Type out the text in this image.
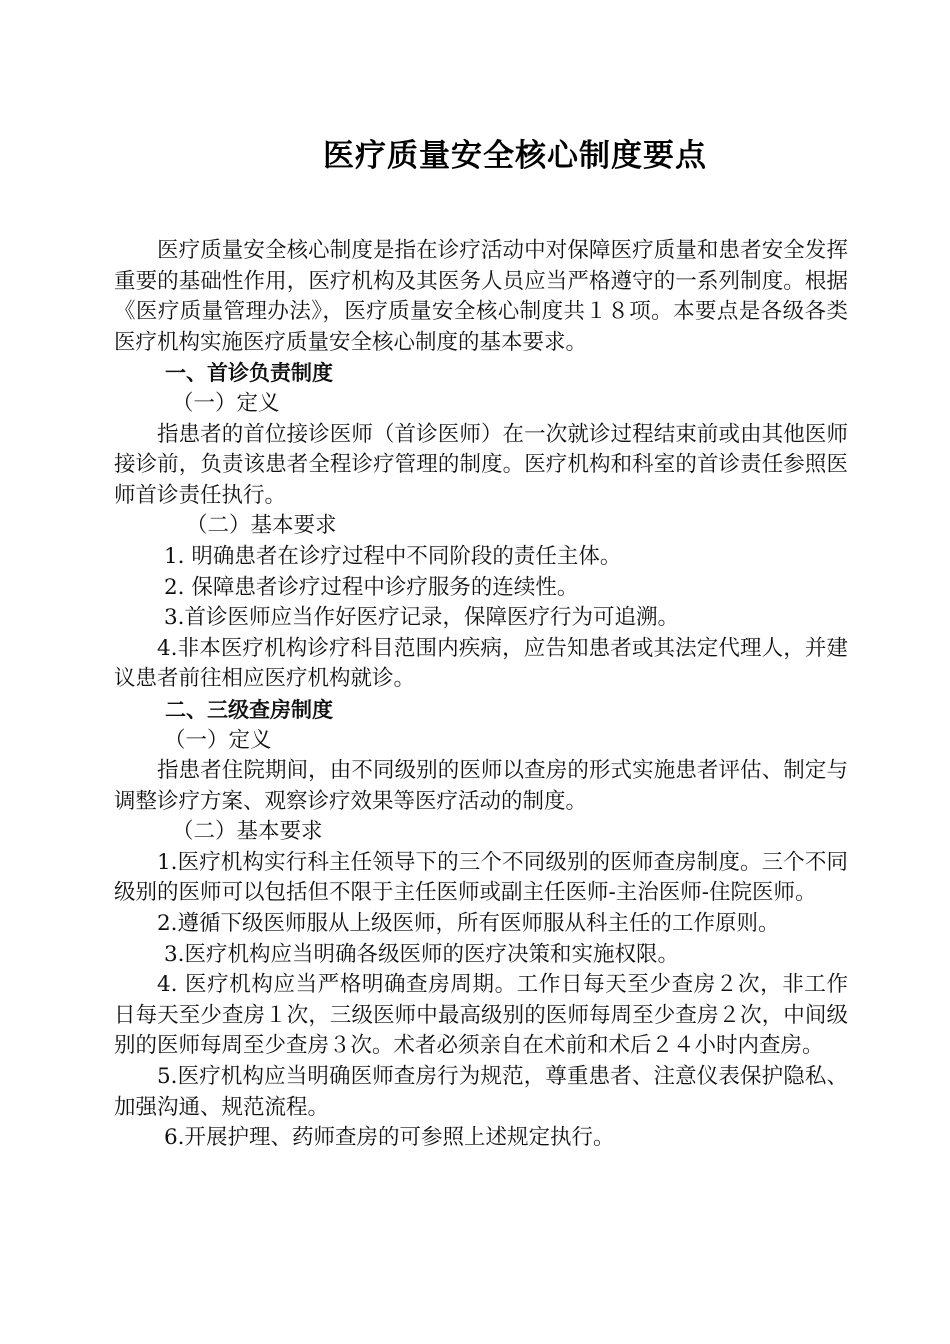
医疗质量安全核心制度要点

医疗质量安全核心制度是指在诊疗活动中对保障医疗质量和患者安全发挥重要的基础性作用，医疗机构及其医务人员应当严格遵守的一系列制度。根据《医疗质量管理办法》，医疗质量安全核心制度共１８项。本要点是各级各类医疗机构实施医疗质量安全核心制度的基本要求。

一、首诊负责制度

（一）定义

指患者的首位接诊医师（首诊医师）在一次就诊过程结束前或由其他医师接诊前，负责该患者全程诊疗管理的制度。医疗机构和科室的首诊责任参照医师首诊责任执行。

（二）基本要求

1. 明确患者在诊疗过程中不同阶段的责任主体。

2. 保障患者诊疗过程中诊疗服务的连续性。

3.首诊医师应当作好医疗记录，保障医疗行为可追溯。

4.非本医疗机构诊疗科目范围内疾病，应告知患者或其法定代理人，并建议患者前往相应医疗机构就诊。

二、三级查房制度

（一）定义

指患者住院期间，由不同级别的医师以查房的形式实施患者评估、制定与调整诊疗方案、观察诊疗效果等医疗活动的制度。

（二）基本要求

1.医疗机构实行科主任领导下的三个不同级别的医师查房制度。三个不同级别的医师可以包括但不限于主任医师或副主任医师-主治医师-住院医师。

2.遵循下级医师服从上级医师，所有医师服从科主任的工作原则。

3.医疗机构应当明确各级医师的医疗决策和实施权限。

4. 医疗机构应当严格明确查房周期。工作日每天至少查房２次，非工作日每天至少查房１次，三级医师中最高级别的医师每周至少查房２次，中间级别的医师每周至少查房３次。术者必须亲自在术前和术后２４小时内查房。

5.医疗机构应当明确医师查房行为规范，尊重患者、注意仪表保护隐私、加强沟通、规范流程。

6.开展护理、药师查房的可参照上述规定执行。
